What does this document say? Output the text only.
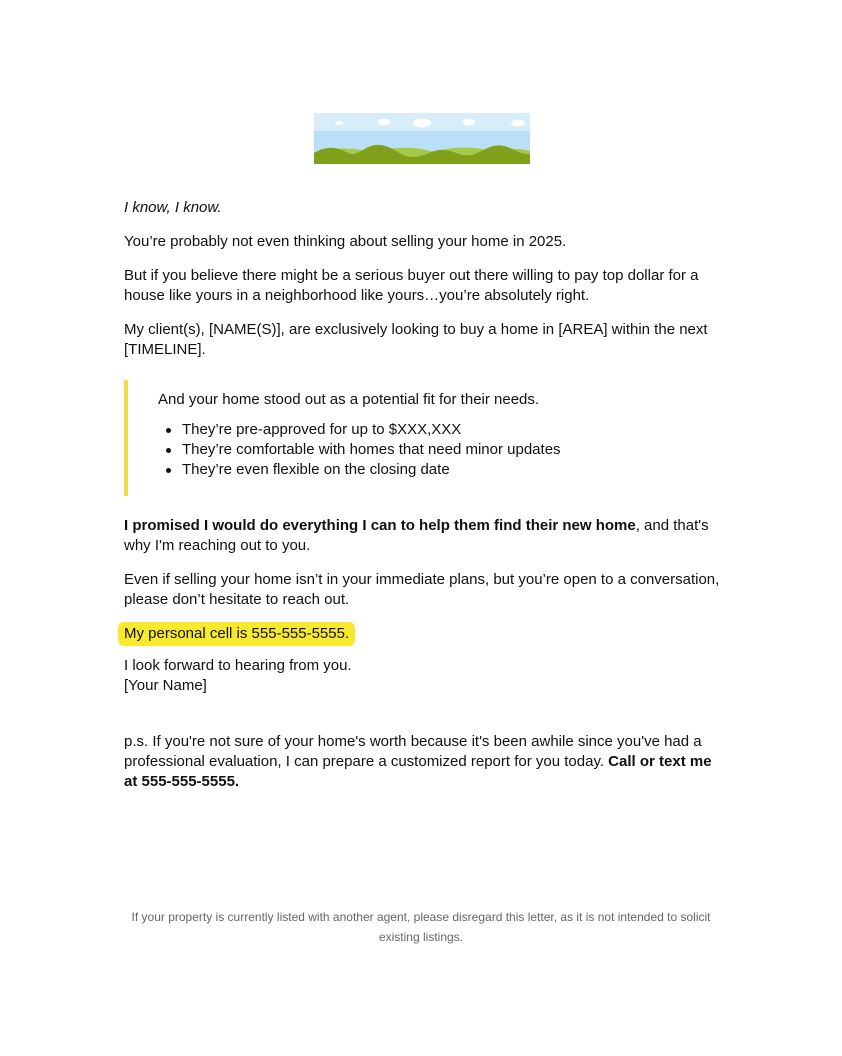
I know, I know.

You’re probably not even thinking about selling your home in 2025.

But if you believe there might be a serious buyer out there willing to pay top dollar for a house like yours in a neighborhood like yours…you’re absolutely right.

My client(s), [NAME(S)], are exclusively looking to buy a home in [AREA] within the next [TIMELINE].

And your home stood out as a potential fit for their needs.

They’re pre-approved for up to $XXX,XXX
They’re comfortable with homes that need minor updates
They’re even flexible on the closing date

I promised I would do everything I can to help them find their new home, and that's why I'm reaching out to you.

Even if selling your home isn’t in your immediate plans, but you’re open to a conversation, please don’t hesitate to reach out.

My personal cell is 555-555-5555.

I look forward to hearing from you.

[Your Name]

p.s. If you're not sure of your home's worth because it's been awhile since you've had a professional evaluation, I can prepare a customized report for you today. Call or text me at 555-555-5555.

If your property is currently listed with another agent, please disregard this letter, as it is not intended to solicit existing listings.
